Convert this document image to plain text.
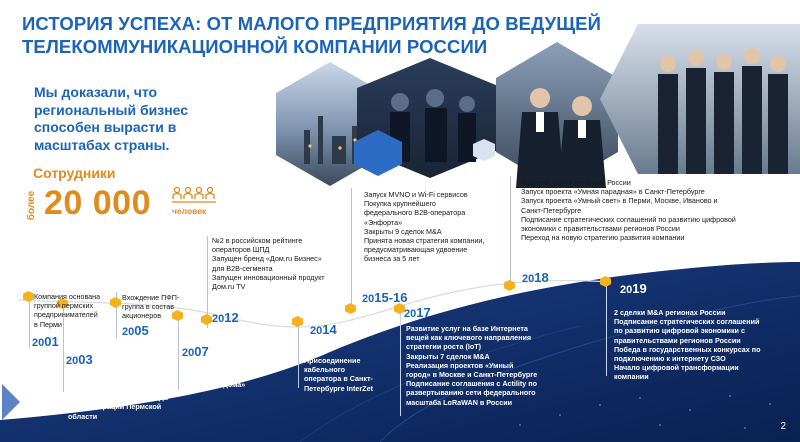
ИСТОРИЯ УСПЕХА: ОТ МАЛОГО ПРЕДПРИЯТИЯ ДО ВЕДУЩЕЙ
ТЕЛЕКОММУНИКАЦИОННОЙ КОМПАНИИ РОССИИ
Мы доказали, что региональный бизнес способен вырасти в масштабах страны.
Сотрудники
более 20 000 человек

Компания основана

группой пермских

предпринимателей

в Перми

2001
2003

Финансирование со

стороны венчурного фонда

администрации Пермской

области

Вхождение ПФП-

группа в состав

акционеров

2005
2007

Запатентована технология

строительства сети

«оптика до дома»

№2 в российском рейтинге

операторов ШПД

Запущен бренд «Дом.ru Бизнес»

для B2B-сегмента

Запущен инновационный продукт

Дом.ru TV

2012
2014

Присоединение

кабельного

оператора в Санкт-

Петербурге InterZet

Запуск MVNO и Wi-Fi сервисов

Покупка крупнейшего

федерального B2B-оператора

«Энфорта»

Закрыты 9 сделок M&A

Принята новая стратегия компании,

предусматривающая удвоение

бизнеса за 5 лет

2015-16
2017

Развитие услуг на базе Интернета

вещей как ключевого направления

стратегии роста (IoT)

Закрыты 7 сделок M&A

Реализация проектов «Умный

город» в Москве и Санкт-Петербурге

Подписание соглашения с Actility по

развертыванию сети федерального

масштаба LoRaWAN в России

3 сделки M&A в регионах России

Запуск проекта «Умная парадная» в Санкт-Петербурге

Запуск проекта «Умный свет» в Перми, Москве, Иваново и

Санкт-Петербурге

Подписание стратегических соглашений по развитию цифровой

экономики с правительствами регионов России

Переход на новую стратегию развития компании

2018
2019

2 сделки M&A регионах России

Подписание стратегических соглашений

по развитию цифровой экономики с

правительствами регионов России

Победа в государственных конкурсах по

подключению к интернету СЗО

Начало цифровой трансформации

компании

2
